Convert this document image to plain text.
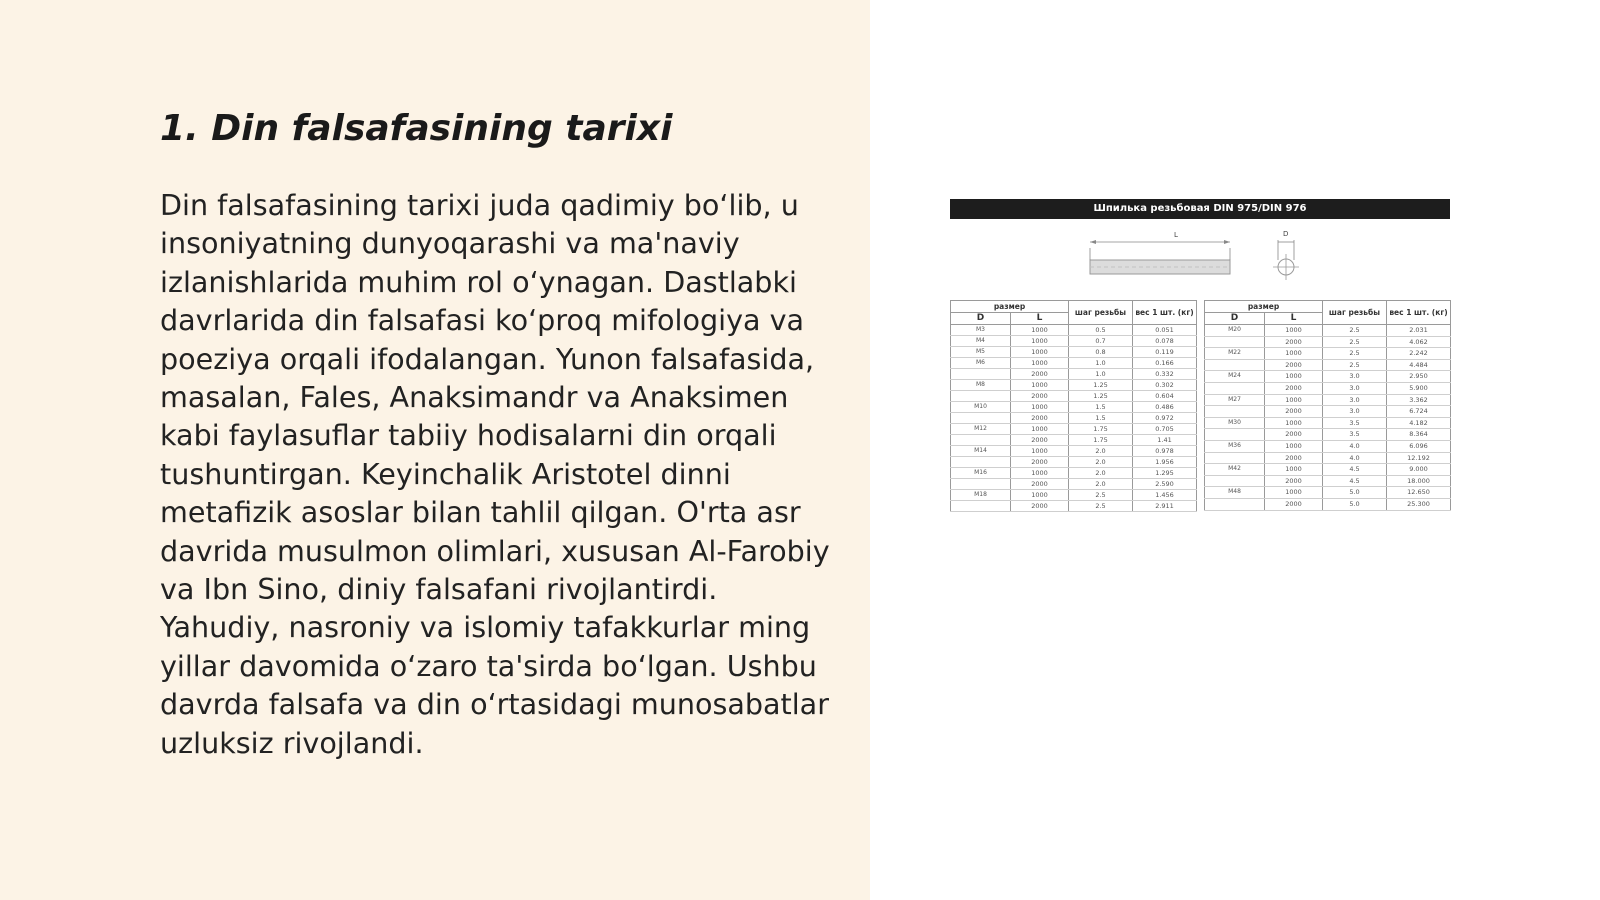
1. Din falsafasining tarixi

Din falsafasining tarixi juda qadimiy bo‘lib, u insoniyatning dunyoqarashi va ma'naviy izlanishlarida muhim rol o‘ynagan. Dastlabki davrlarida din falsafasi ko‘proq mifologiya va poeziya orqali ifodalangan. Yunon falsafasida, masalan, Fales, Anaksimandr va Anaksimen kabi faylasuflar tabiiy hodisalarni din orqali tushuntirgan. Keyinchalik Aristotel dinni metafizik asoslar bilan tahlil qilgan. O'rta asr davrida musulmon olimlari, xususan Al-Farobiy va Ibn Sino, diniy falsafani rivojlantirdi. Yahudiy, nasroniy va islomiy tafakkurlar ming yillar davomida o‘zaro ta'sirda bo‘lgan. Ushbu davrda falsafa va din o‘rtasidagi munosabatlar uzluksiz rivojlandi.

Шпилька резьбовая DIN 975/DIN 976
L	D
размер		шаг резьбы	вес 1 шт. (кг)
D	L		
M3	1000	0.5	0.051
M4	1000	0.7	0.078
M5	1000	0.8	0.119
M6	1000	1.0	0.166
	2000	1.0	0.332
M8	1000	1.25	0.302
	2000	1.25	0.604
M10	1000	1.5	0.486
	2000	1.5	0.972
M12	1000	1.75	0.705
	2000	1.75	1.41
M14	1000	2.0	0.978
	2000	2.0	1.956
M16	1000	2.0	1.295
	2000	2.0	2.590
M18	1000	2.5	1.456
	2000	2.5	2.911
размер		шаг резьбы	вес 1 шт. (кг)
D	L		
M20	1000	2.5	2.031
	2000	2.5	4.062
M22	1000	2.5	2.242
	2000	2.5	4.484
M24	1000	3.0	2.950
	2000	3.0	5.900
M27	1000	3.0	3.362
	2000	3.0	6.724
M30	1000	3.5	4.182
	2000	3.5	8.364
M36	1000	4.0	6.096
	2000	4.0	12.192
M42	1000	4.5	9.000
	2000	4.5	18.000
M48	1000	5.0	12.650
	2000	5.0	25.300
